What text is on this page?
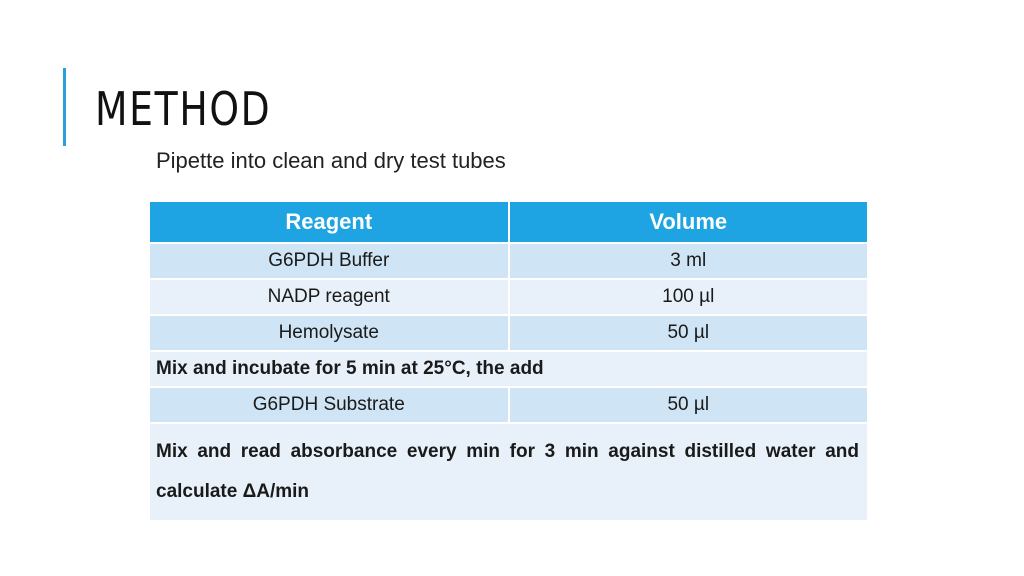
METHOD
Pipette into clean and dry test tubes
Reagent	Volume
G6PDH Buffer	3 ml
NADP reagent	100 µl
Hemolysate	50 µl
Mix and incubate for 5 min at 25°C, the add	
G6PDH Substrate	50 µl
Mix and read absorbance every min for 3 min against distilled water and calculate ΔA/min	
